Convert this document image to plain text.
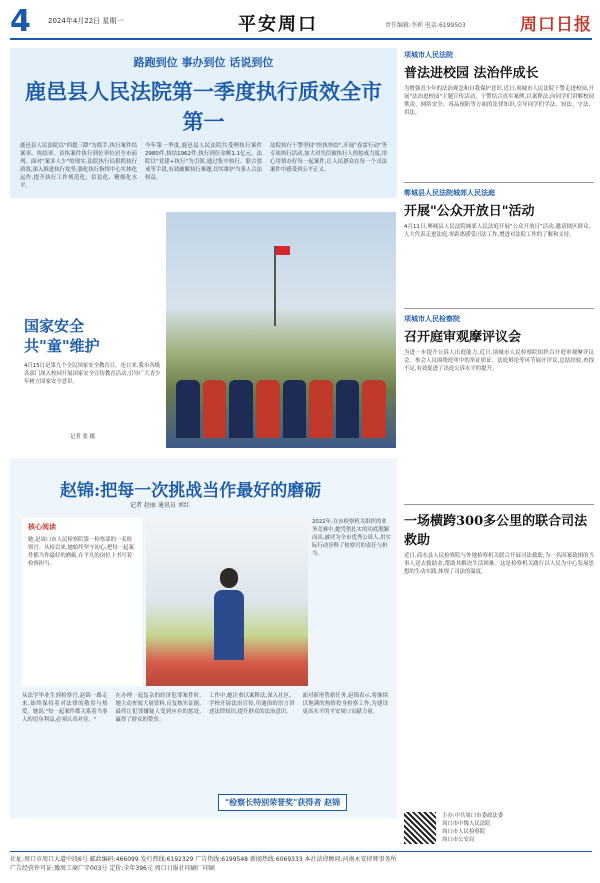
4 2024年4月22日 星期一	平安周口	责任编辑:李莉 电话:6199503	周口日报
路跑到位 事办到位 话说到位
鹿邑县人民法院第一季度执行质效全市第一

鹿邑县人民法院以"四提三降"为抓手,执行案件结案率、执结率、首执案件执行到位率位居全市前列。面对"案多人少"的现实,法院执行局狠抓执行质效,深入推进执行攻坚,强化执行指挥中心实体化运作,提升执行工作规范化、信息化、精细化水平。

今年第一季度,鹿邑县人民法院共受理执行案件2980件,执结1962件,执行到位金额1.1亿元。法院以"党建+执行"为引领,通过集中执行、联合惩戒等手段,有效破解执行难题,切实维护当事人合法权益。

法院执行干警坚持"快执快结",开展"春雷行动"等专项执行活动,加大对失信被执行人的惩戒力度,用心用情办好每一起案件,让人民群众在每一个司法案件中感受到公平正义。

国家安全
共"童"维护
4月15日是第九个全民国家安全教育日。连日来,我市各级各部门深入校园开展国家安全宣传教育活动,引导广大青少年树立国家安全意识。
记者 张 摄
赵锦:把每一次挑战当作最好的磨砺
记者 赵丽 通讯员 刘红
核心阅读

她,是周口市人民检察院第一检察部的一名检察官。从检以来,她始终坚守初心,把每一起案件都当作最好的磨砺,在平凡的岗位上书写着检察担当。

2022年,在市检察机关组织的业务竞赛中,她凭借扎实的功底脱颖而出,被评为全市优秀公诉人,用实际行动诠释了检察官的责任与担当。

从法学毕业生到检察官,赵锦一路走来,始终保持着对法律的敬畏与热爱。她说:"每一起案件都关系着当事人的切身利益,必须认真对待。"

在办理一起复杂的经济犯罪案件时,她主动查阅大量资料,反复核实证据,最终让犯罪嫌疑人受到应有的惩处,赢得了群众的赞誉。

工作中,她注重以案释法,深入社区、学校开展法治宣传,用通俗的语言讲述法律知识,提升群众的法治意识。

面对新形势新任务,赵锦表示,将继续以饱满的热情投身检察工作,为建设更高水平的平安周口贡献力量。

"检察长特别荣誉奖"获得者 赵锦
项城市人民法院
普法进校园 法治伴成长
为增强青少年的法治观念和自我保护意识,近日,项城市人民法院干警走进校园,开展"法治进校园"主题宣传活动。干警结合真实案例,以案释法,向同学们讲解校园欺凌、网络安全、毒品预防等方面的法律知识,引导同学们学法、知法、守法、用法。
郸城县人民法院城郊人民法庭
开展"公众开放日"活动
4月11日,郸城县人民法院城郊人民法庭开展"公众开放日"活动,邀请辖区群众、人大代表走进法庭,零距离感受司法工作,增进对法院工作的了解和支持。
项城市人民检察院
召开庭审观摩评议会
为进一步提升公诉人出庭能力,近日,项城市人民检察院组织召开庭审观摩评议会。参会人员围绕庭审中的举证质证、法庭辩论等环节展开评议,总结经验,查找不足,有效促进了出庭公诉水平的提升。
一场横跨300多公里的联合司法救助
近日,商水县人民检察院与外地检察机关联合开展司法救助,为一名因案致困的当事人送去救助金,帮助其解决生活困难。这是检察机关践行以人民为中心发展思想的生动实践,体现了司法的温度。
主办:中共周口市委政法委
周口市中级人民法院
周口市人民检察院
周口市公安局
社址:周口市周口大道中段6号 邮政编码:466099 发行热线:6192329 广告热线:6199548 新闻热线:6069333 本社法律顾问:河南永安律师事务所
广告经营许可证:豫周工商广字003号 定价:全年396元 周口日报社印刷厂印刷
